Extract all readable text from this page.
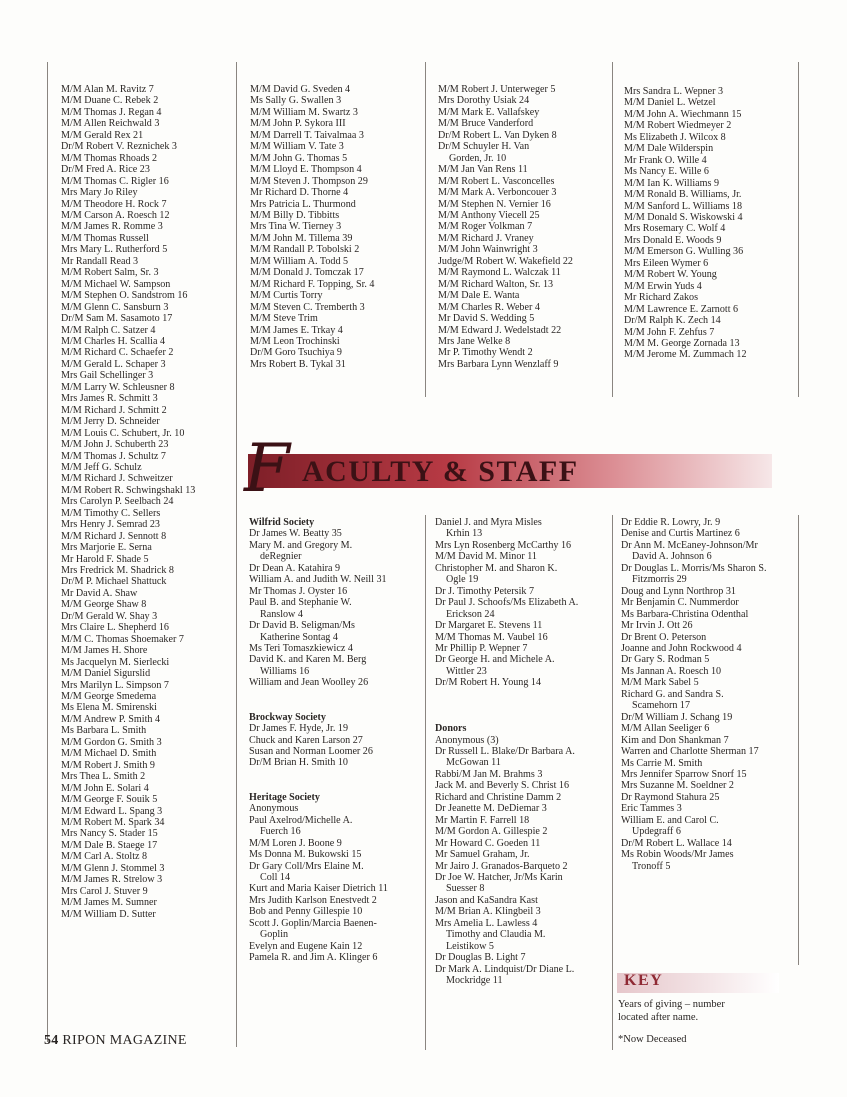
M/M Alan M. Ravitz 7
M/M Duane C. Rebek 2
M/M Thomas J. Regan 4
M/M Allen Reichwald 3
M/M Gerald Rex 21
Dr/M Robert V. Reznichek 3
M/M Thomas Rhoads 2
Dr/M Fred A. Rice 23
M/M Thomas C. Rigler 16
Mrs Mary Jo Riley
M/M Theodore H. Rock 7
M/M Carson A. Roesch 12
M/M James R. Romme 3
M/M Thomas Russell
Mrs Mary L. Rutherford 5
Mr Randall Read 3
M/M Robert Salm, Sr. 3
M/M Michael W. Sampson
M/M Stephen O. Sandstrom 16
M/M Glenn C. Sansburn 3
Dr/M Sam M. Sasamoto 17
M/M Ralph C. Satzer 4
M/M Charles H. Scallia 4
M/M Richard C. Schaefer 2
M/M Gerald L. Schaper 3
Mrs Gail Schellinger 3
M/M Larry W. Schleusner 8
Mrs James R. Schmitt 3
M/M Richard J. Schmitt 2
M/M Jerry D. Schneider
M/M Louis C. Schubert, Jr. 10
M/M John J. Schuberth 23
M/M Thomas J. Schultz 7
M/M Jeff G. Schulz
M/M Richard J. Schweitzer
M/M Robert R. Schwingshakl 13
Mrs Carolyn P. Seelbach 24
M/M Timothy C. Sellers
Mrs Henry J. Semrad 23
M/M Richard J. Sennott 8
Mrs Marjorie E. Serna
Mr Harold F. Shade 5
Mrs Fredrick M. Shadrick 8
Dr/M P. Michael Shattuck
Mr David A. Shaw
M/M George Shaw 8
Dr/M Gerald W. Shay 3
Mrs Claire L. Shepherd 16
M/M C. Thomas Shoemaker 7
M/M James H. Shore
Ms Jacquelyn M. Sierlecki
M/M Daniel Sigurslid
Mrs Marilyn L. Simpson 7
M/M George Smedema
Ms Elena M. Smirenski
M/M Andrew P. Smith 4
Ms Barbara L. Smith
M/M Gordon G. Smith 3
M/M Michael D. Smith
M/M Robert J. Smith 9
Mrs Thea L. Smith 2
M/M John E. Solari 4
M/M George F. Souik 5
M/M Edward L. Spang 3
M/M Robert M. Spark 34
Mrs Nancy S. Stader 15
M/M Dale B. Staege 17
M/M Carl A. Stoltz 8
M/M Glenn J. Stommel 3
M/M James R. Strelow 3
Mrs Carol J. Stuver 9
M/M James M. Sumner
M/M William D. Sutter
M/M David G. Sveden 4
Ms Sally G. Swallen 3
M/M William M. Swartz 3
M/M John P. Sykora III
M/M Darrell T. Taivalmaa 3
M/M William V. Tate 3
M/M John G. Thomas 5
M/M Lloyd E. Thompson 4
M/M Steven J. Thompson 29
Mr Richard D. Thorne 4
Mrs Patricia L. Thurmond
M/M Billy D. Tibbitts
Mrs Tina W. Tierney 3
M/M John M. Tillema 39
M/M Randall P. Tobolski 2
M/M William A. Todd 5
M/M Donald J. Tomczak 17
M/M Richard F. Topping, Sr. 4
M/M Curtis Torry
M/M Steven C. Tremberth 3
M/M Steve Trim
M/M James E. Trkay 4
M/M Leon Trochinski
Dr/M Goro Tsuchiya 9
Mrs Robert B. Tykal 31
M/M Robert J. Unterweger 5
Mrs Dorothy Usiak 24
M/M Mark E. Vallafskey
M/M Bruce Vanderford
Dr/M Robert L. Van Dyken 8
Dr/M Schuyler H. Van
Gorden, Jr. 10
M/M Jan Van Rens 11
M/M Robert L. Vasconcelles
M/M Mark A. Verboncouer 3
M/M Stephen N. Vernier 16
M/M Anthony Viecell 25
M/M Roger Volkman 7
M/M Richard J. Vraney
M/M John Wainwright 3
Judge/M Robert W. Wakefield 22
M/M Raymond L. Walczak 11
M/M Richard Walton, Sr. 13
M/M Dale E. Wanta
M/M Charles R. Weber 4
Mr David S. Wedding 5
M/M Edward J. Wedelstadt 22
Mrs Jane Welke 8
Mr P. Timothy Wendt 2
Mrs Barbara Lynn Wenzlaff 9
Mrs Sandra L. Wepner 3
M/M Daniel L. Wetzel
M/M John A. Wiechmann 15
M/M Robert Wiedmeyer 2
Ms Elizabeth J. Wilcox 8
M/M Dale Wilderspin
Mr Frank O. Wille 4
Ms Nancy E. Wille 6
M/M Ian K. Williams 9
M/M Ronald B. Williams, Jr.
M/M Sanford L. Williams 18
M/M Donald S. Wiskowski 4
Mrs Rosemary C. Wolf 4
Mrs Donald E. Woods 9
M/M Emerson G. Wulling 36
Mrs Eileen Wymer 6
M/M Robert W. Young
M/M Erwin Yuds 4
Mr Richard Zakos
M/M Lawrence E. Zarnott 6
Dr/M Ralph K. Zech 14
M/M John F. Zehfus 7
M/M M. George Zornada 13
M/M Jerome M. Zummach 12
F ACULTY & STAFF
Wilfrid Society
Dr James W. Beatty 35
Mary M. and Gregory M.
deRegnier
Dr Dean A. Katahira 9
William A. and Judith W. Neill 31
Mr Thomas J. Oyster 16
Paul B. and Stephanie W.
Ranslow 4
Dr David B. Seligman/Ms
Katherine Sontag 4
Ms Teri Tomaszkiewicz 4
David K. and Karen M. Berg
Williams 16
William and Jean Woolley 26
Brockway Society
Dr James F. Hyde, Jr. 19
Chuck and Karen Larson 27
Susan and Norman Loomer 26
Dr/M Brian H. Smith 10
Heritage Society
Anonymous
Paul Axelrod/Michelle A.
Fuerch 16
M/M Loren J. Boone 9
Ms Donna M. Bukowski 15
Dr Gary Coll/Mrs Elaine M.
Coll 14
Kurt and Maria Kaiser Dietrich 11
Mrs Judith Karlson Enestvedt 2
Bob and Penny Gillespie 10
Scott J. Goplin/Marcia Baenen-
Goplin
Evelyn and Eugene Kain 12
Pamela R. and Jim A. Klinger 6
Daniel J. and Myra Misles
Krhin 13
Mrs Lyn Rosenberg McCarthy 16
M/M David M. Minor 11
Christopher M. and Sharon K.
Ogle 19
Dr J. Timothy Petersik 7
Dr Paul J. Schoofs/Ms Elizabeth A.
Erickson 24
Dr Margaret E. Stevens 11
M/M Thomas M. Vaubel 16
Mr Phillip P. Wepner 7
Dr George H. and Michele A.
Wittler 23
Dr/M Robert H. Young 14
Donors
Anonymous (3)
Dr Russell L. Blake/Dr Barbara A.
McGowan 11
Rabbi/M Jan M. Brahms 3
Jack M. and Beverly S. Christ 16
Richard and Christine Damm 2
Dr Jeanette M. DeDiemar 3
Mr Martin F. Farrell 18
M/M Gordon A. Gillespie 2
Mr Howard C. Goeden 11
Mr Samuel Graham, Jr.
Mr Jairo J. Granados-Barqueto 2
Dr Joe W. Hatcher, Jr/Ms Karin
Suesser 8
Jason and KaSandra Kast
M/M Brian A. Klingbeil 3
Mrs Amelia L. Lawless 4
Timothy and Claudia M.
Leistikow 5
Dr Douglas B. Light 7
Dr Mark A. Lindquist/Dr Diane L.
Mockridge 11
Dr Eddie R. Lowry, Jr. 9
Denise and Curtis Martinez 6
Dr Ann M. McEaney-Johnson/Mr
David A. Johnson 6
Dr Douglas L. Morris/Ms Sharon S.
Fitzmorris 29
Doug and Lynn Northrop 31
Mr Benjamin C. Nummerdor
Ms Barbara-Christina Odenthal
Mr Irvin J. Ott 26
Dr Brent O. Peterson
Joanne and John Rockwood 4
Dr Gary S. Rodman 5
Ms Jannan A. Roesch 10
M/M Mark Sabel 5
Richard G. and Sandra S.
Scamehorn 17
Dr/M William J. Schang 19
M/M Allan Seeliger 6
Kim and Don Shankman 7
Warren and Charlotte Sherman 17
Ms Carrie M. Smith
Mrs Jennifer Sparrow Snorf 15
Mrs Suzanne M. Soeldner 2
Dr Raymond Stahura 25
Eric Tammes 3
William E. and Carol C.
Updegraff 6
Dr/M Robert L. Wallace 14
Ms Robin Woods/Mr James
Tronoff 5
KEY
Years of giving – number
located after name.
*Now Deceased
54 RIPON MAGAZINE
